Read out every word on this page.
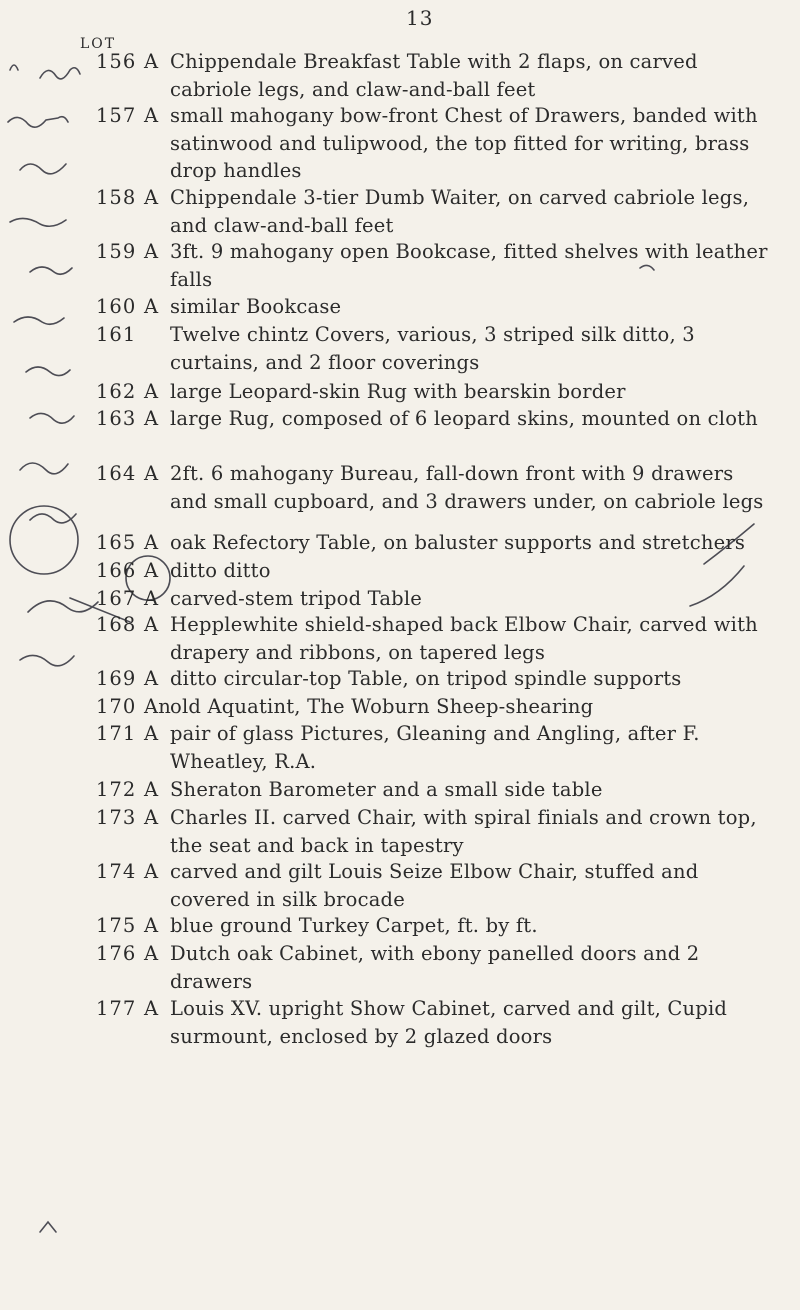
13
LOT
156 A Chippendale Breakfast Table with 2 flaps, on carved cabriole legs, and claw-and-ball feet
157 A small mahogany bow-front Chest of Drawers, banded with satinwood and tulipwood, the top fitted for writing, brass drop handles
158 A Chippendale 3-tier Dumb Waiter, on carved cabriole legs, and claw-and-ball feet
159 A 3ft. 9 mahogany open Bookcase, fitted shelves with leather falls
160 A similar Bookcase
161 Twelve chintz Covers, various, 3 striped silk ditto, 3 curtains, and 2 floor coverings
162 A large Leopard-skin Rug with bearskin border
163 A large Rug, composed of 6 leopard skins, mounted on cloth
164 A 2ft. 6 mahogany Bureau, fall-down front with 9 drawers and small cupboard, and 3 drawers under, on cabriole legs
165 A oak Refectory Table, on baluster supports and stretchers
166 A ditto ditto
167 A carved-stem tripod Table
168 A Hepplewhite shield-shaped back Elbow Chair, carved with drapery and ribbons, on tapered legs
169 A ditto circular-top Table, on tripod spindle supports
170 An
old Aquatint, The Woburn Sheep-shearing
171 A pair of glass Pictures, Gleaning and Angling, after F. Wheatley, R.A.
172 A Sheraton Barometer and a small side table
173 A Charles II. carved Chair, with spiral finials and crown top, the seat and back in tapestry
174 A carved and gilt Louis Seize Elbow Chair, stuffed and covered in silk brocade
175 A blue ground Turkey Carpet, ft. by ft.
176 A Dutch oak Cabinet, with ebony panelled doors and 2 drawers
177 A Louis XV. upright Show Cabinet, carved and gilt, Cupid surmount, enclosed by 2 glazed doors
